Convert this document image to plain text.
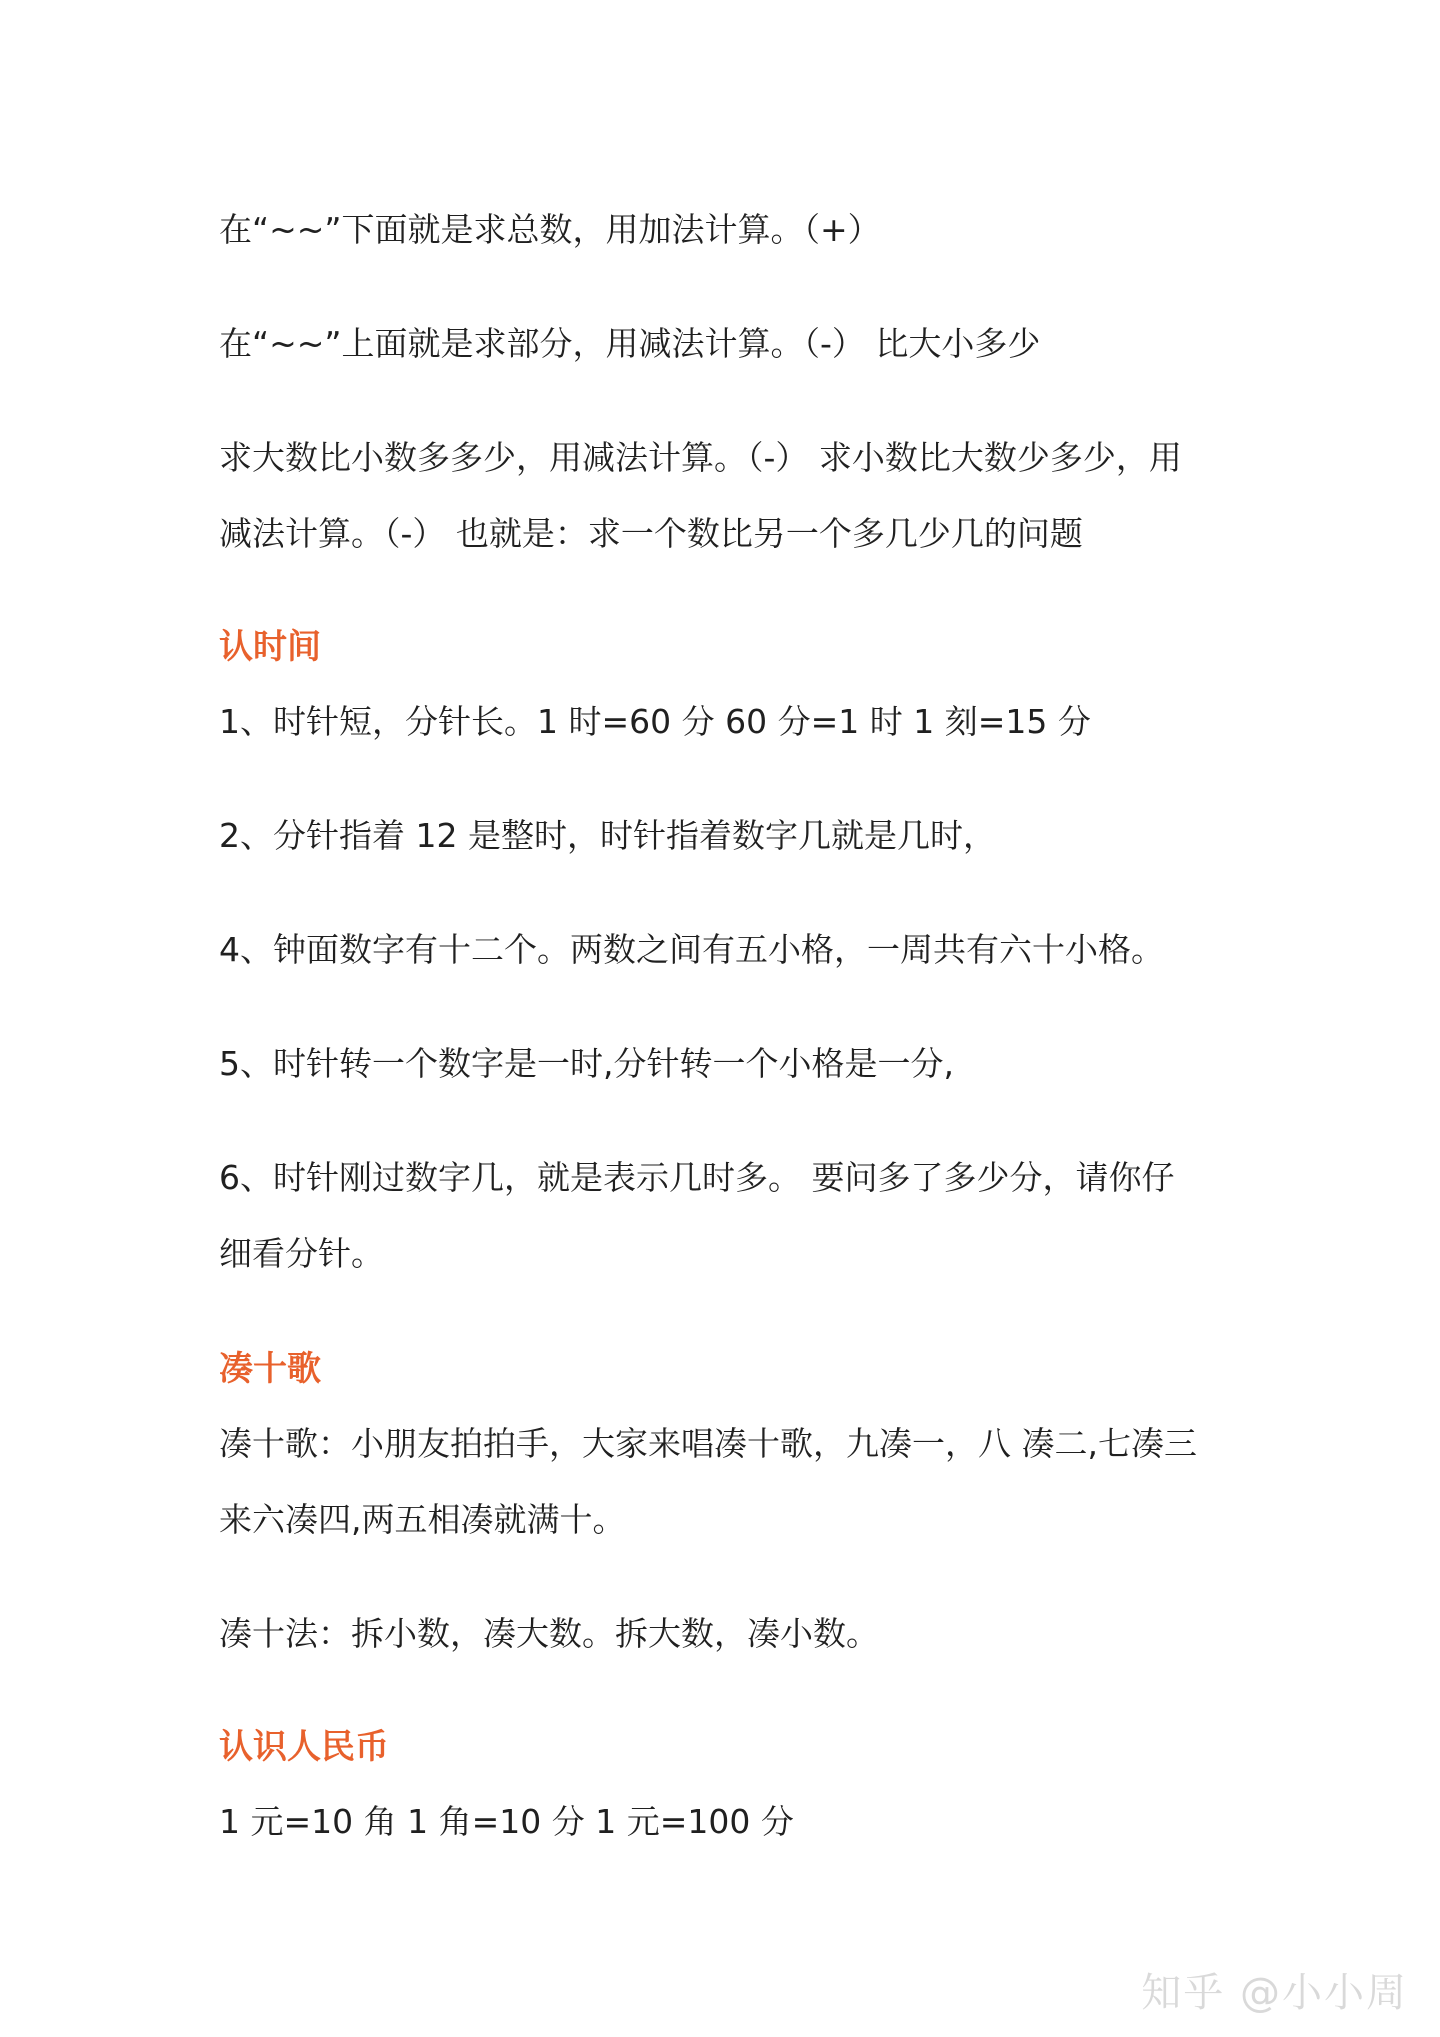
在“~~”下面就是求总数，用加法计算。（+）
在“~~”上面就是求部分，用减法计算。（-） 比大小多少
求大数比小数多多少，用减法计算。（-） 求小数比大数少多少，用
减法计算。（-） 也就是：求一个数比另一个多几少几的问题
认时间
1、时针短，分针长。1 时=60 分 60 分=1 时 1 刻=15 分
2、分针指着 12 是整时，时针指着数字几就是几时，
4、钟面数字有十二个。两数之间有五小格，一周共有六十小格。
5、时针转一个数字是一时,分针转一个小格是一分,
6、时针刚过数字几，就是表示几时多。 要问多了多少分，请你仔
细看分针。
凑十歌
凑十歌：小朋友拍拍手，大家来唱凑十歌，九凑一，八 凑二,七凑三
来六凑四,两五相凑就满十。
凑十法：拆小数，凑大数。拆大数，凑小数。
认识人民币
1 元=10 角 1 角=10 分 1 元=100 分
知乎 @小小周
